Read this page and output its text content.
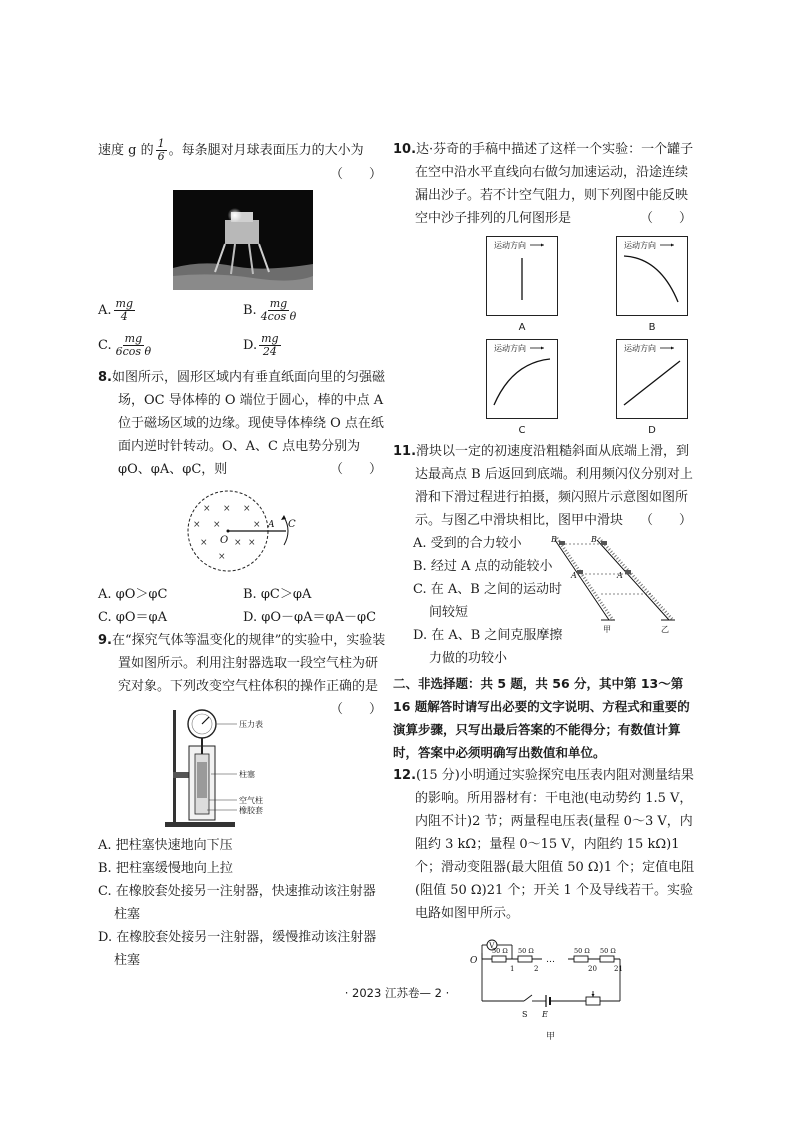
速度 g 的 $\frac{1}{6}$ 。每条腿对月球表面压力的大小为

（　　）

A. $\frac{mg}{4}$	B. $\frac{mg}{\text{4cos θ}}$
C. $\frac{mg}{\text{6cos θ}}$	D. $\frac{mg}{24}$

8.如图所示，圆形区域内有垂直纸面向里的匀强磁场，OC 导体棒的 O 端位于圆心，棒的中点 A 位于磁场区域的边缘。现使导体棒绕 O 点在纸面内逆时针转动。O、A、C 点电势分别为 φO、φA、φC，则	（　　）

× × ×
× ×	×
×	× ×
×
O
A C
A. φO＞φC	B. φC＞φA
C. φO＝φA	D. φO－φA＝φA－φC

9.在“探究气体等温变化的规律”的实验中，实验装置如图所示。利用注射器选取一段空气柱为研究对象。下列改变空气柱体积的操作正确的是
（　　）

压力表
柱塞
空气柱
橡胶套

A. 把柱塞快速地向下压

B. 把柱塞缓慢地向上拉

C. 在橡胶套处接另一注射器，快速推动该注射器柱塞

D. 在橡胶套处接另一注射器，缓慢推动该注射器柱塞

10.达·芬奇的手稿中描述了这样一个实验：一个罐子在空中沿水平直线向右做匀加速运动，沿途连续漏出沙子。若不计空气阻力，则下列图中能反映空中沙子排列的几何图形是	（　　）

运动方向
A
运动方向
B
运动方向
C
运动方向
D

11.滑块以一定的初速度沿粗糙斜面从底端上滑，到达最高点 B 后返回到底端。利用频闪仪分别对上滑和下滑过程进行拍摄，频闪照片示意图如图所示。与图乙中滑块相比，图甲中滑块 （　　）

A. 受到的合力较小

B. 经过 A 点的动能较小

C. 在 A、B 之间的运动时间较短

D. 在 A、B 之间克服摩擦力做的功较小

B	B
A	A
甲	乙

二、非选择题：共 5 题，共 56 分，其中第 13～第 16 题解答时请写出必要的文字说明、方程式和重要的演算步骤，只写出最后答案的不能得分；有数值计算时，答案中必须明确写出数值和单位。

12.(15 分)小明通过实验探究电压表内阻对测量结果的影响。所用器材有：干电池(电动势约 1.5 V，内阻不计)2 节；两量程电压表(量程 0～3 V，内阻约 3 kΩ；量程 0～15 V，内阻约 15 kΩ)1 个；滑动变阻器(最大阻值 50 Ω)1 个；定值电阻(阻值 50 Ω)21 个；开关 1 个及导线若干。实验电路如图甲所示。

…
V
50 Ω 50 Ω	50 Ω 50 Ω
1	2	20 21
O
S E
甲
· 2023 江苏卷— 2 ·
